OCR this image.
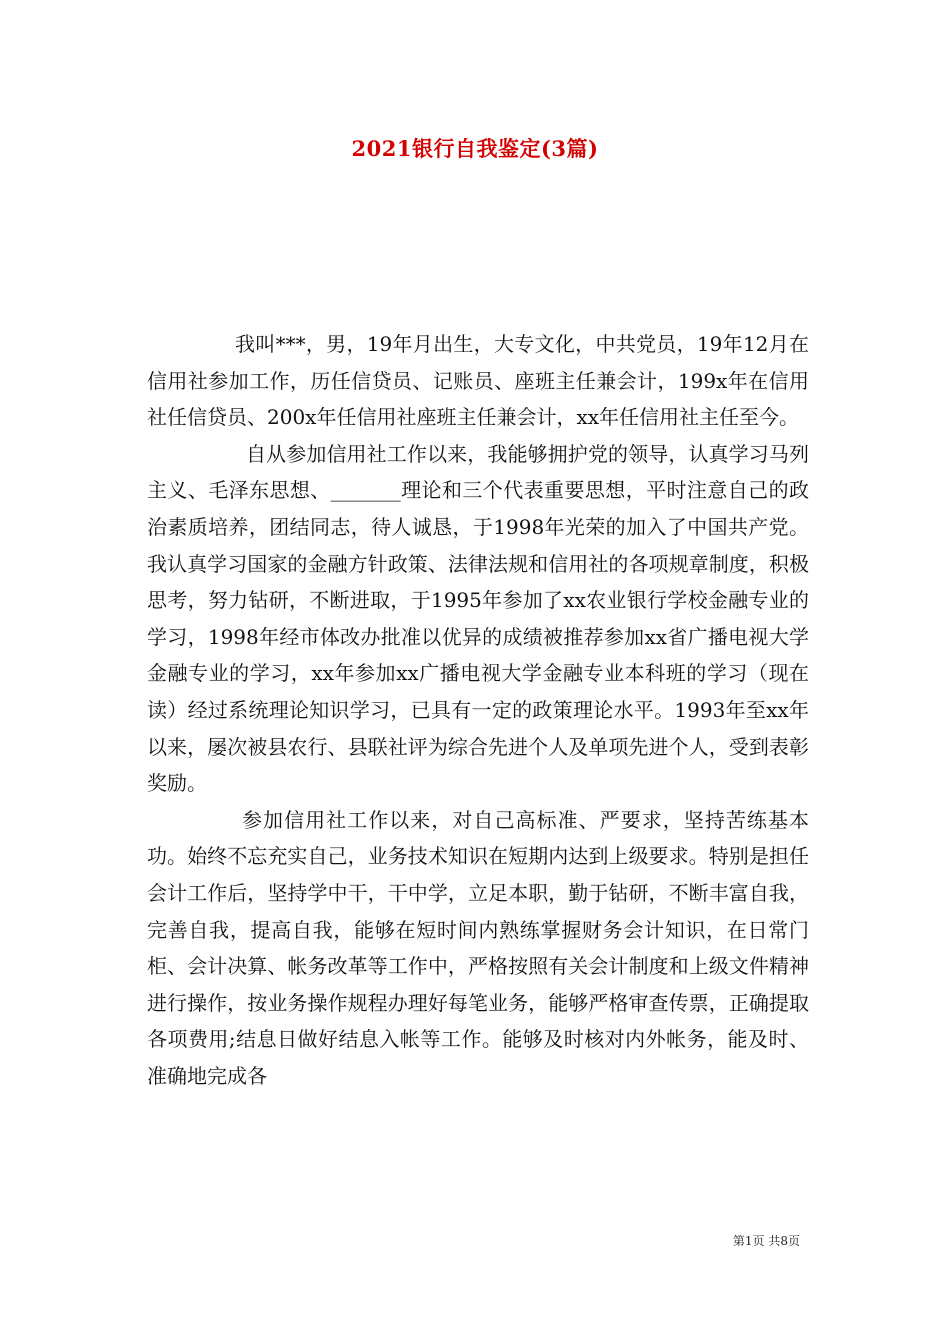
2021银行自我鉴定(3篇)

我叫***，男，19年月出生，大专文化，中共党员，19年12月在信用社参加工作，历任信贷员、记账员、座班主任兼会计，199x年在信用社任信贷员、200x年任信用社座班主任兼会计，xx年任信用社主任至今。

自从参加信用社工作以来，我能够拥护党的领导，认真学习马列主义、毛泽东思想、_______理论和三个代表重要思想，平时注意自己的政治素质培养，团结同志，待人诚恳，于1998年光荣的加入了中国共产党。我认真学习国家的金融方针政策、法律法规和信用社的各项规章制度，积极思考，努力钻研，不断进取，于1995年参加了xx农业银行学校金融专业的学习，1998年经市体改办批准以优异的成绩被推荐参加xx省广播电视大学金融专业的学习，xx年参加xx广播电视大学金融专业本科班的学习（现在读）经过系统理论知识学习，已具有一定的政策理论水平。1993年至xx年以来，屡次被县农行、县联社评为综合先进个人及单项先进个人，受到表彰奖励。

参加信用社工作以来，对自己高标准、严要求，坚持苦练基本功。始终不忘充实自己，业务技术知识在短期内达到上级要求。特别是担任会计工作后，坚持学中干，干中学，立足本职，勤于钻研，不断丰富自我，完善自我，提高自我，能够在短时间内熟练掌握财务会计知识，在日常门柜、会计决算、帐务改革等工作中，严格按照有关会计制度和上级文件精神进行操作，按业务操作规程办理好每笔业务，能够严格审查传票，正确提取各项费用;结息日做好结息入帐等工作。能够及时核对内外帐务，能及时、准确地完成各

第1页 共8页
